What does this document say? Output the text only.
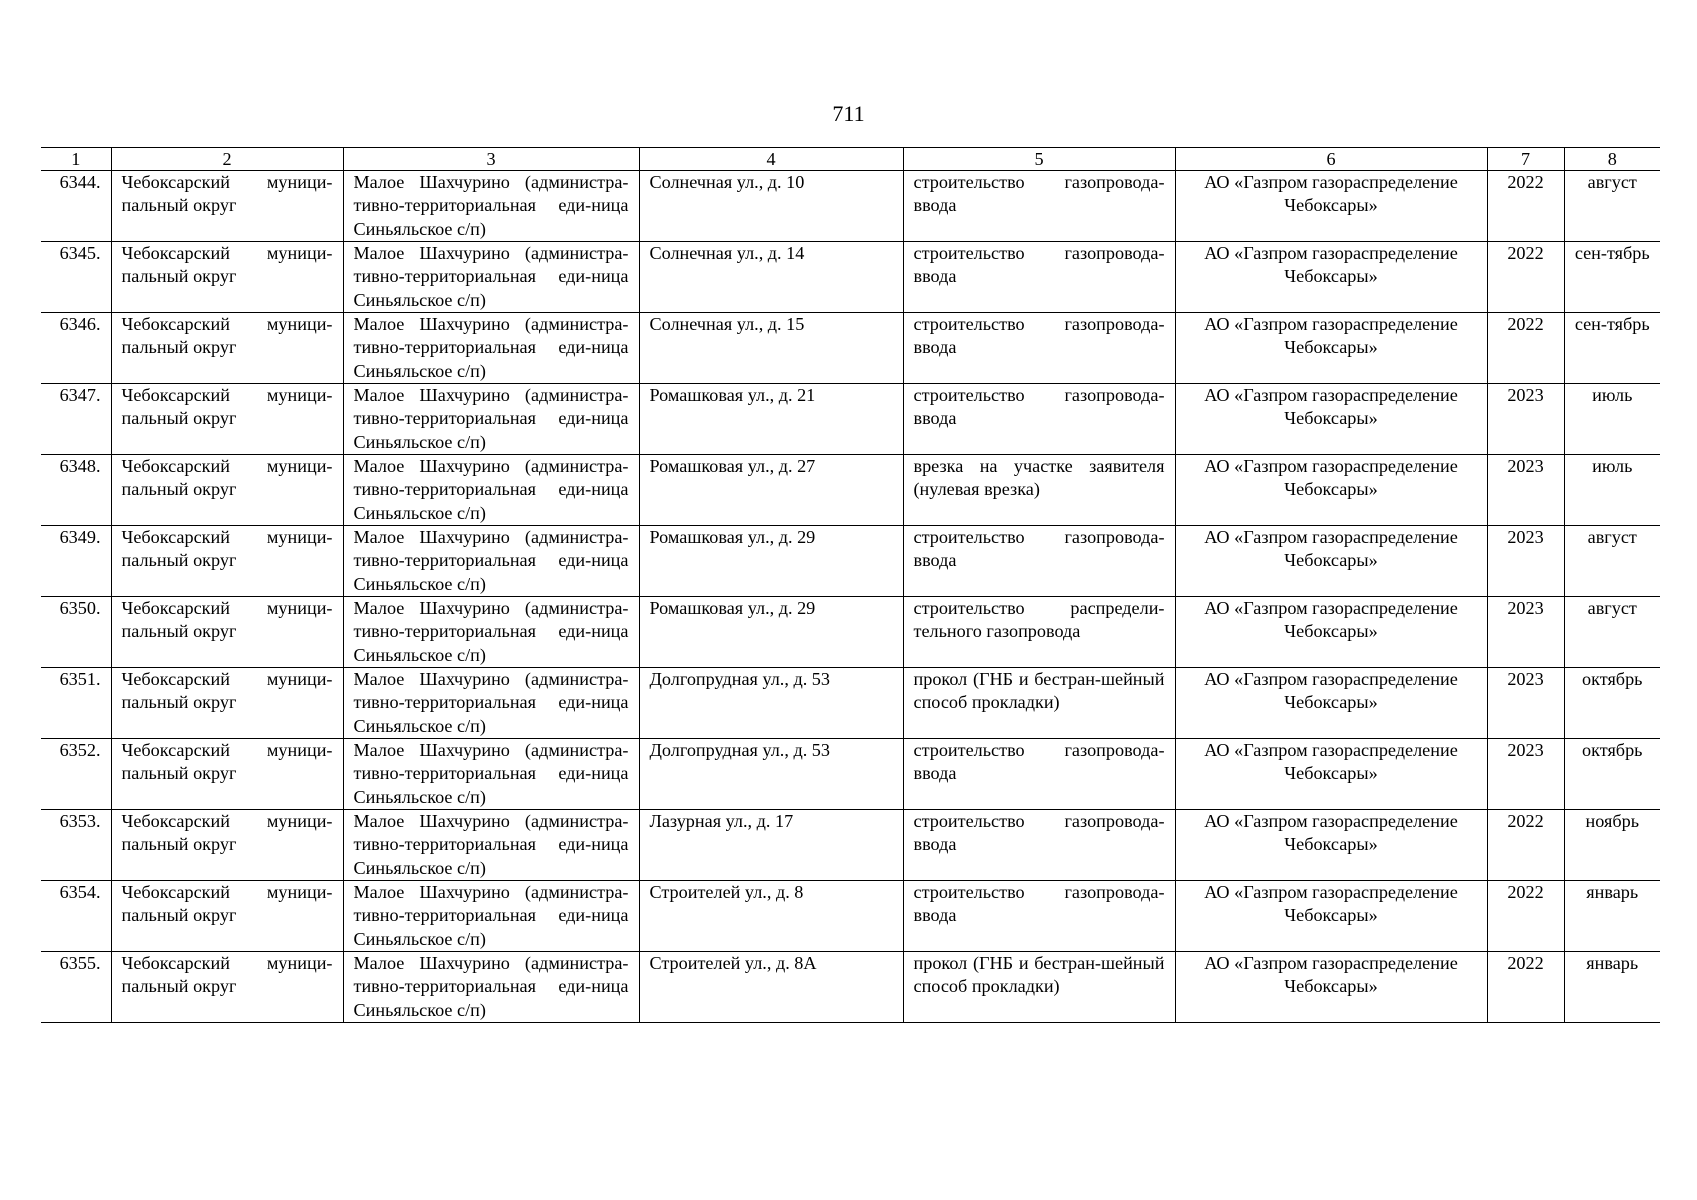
711
1	2	3	4	5	6	7	8
6344.	Чебоксарский муници-пальный округ	Малое Шахчурино (администра-тивно-территориальная еди-ница Синьяльское с/п)	Солнечная ул., д. 10	строительство газопровода-ввода	АО «Газпром газораспределение Чебоксары»	2022	август
6345.	Чебоксарский муници-пальный округ	Малое Шахчурино (администра-тивно-территориальная еди-ница Синьяльское с/п)	Солнечная ул., д. 14	строительство газопровода-ввода	АО «Газпром газораспределение Чебоксары»	2022	сен-тябрь
6346.	Чебоксарский муници-пальный округ	Малое Шахчурино (администра-тивно-территориальная еди-ница Синьяльское с/п)	Солнечная ул., д. 15	строительство газопровода-ввода	АО «Газпром газораспределение Чебоксары»	2022	сен-тябрь
6347.	Чебоксарский муници-пальный округ	Малое Шахчурино (администра-тивно-территориальная еди-ница Синьяльское с/п)	Ромашковая ул., д. 21	строительство газопровода-ввода	АО «Газпром газораспределение Чебоксары»	2023	июль
6348.	Чебоксарский муници-пальный округ	Малое Шахчурино (администра-тивно-территориальная еди-ница Синьяльское с/п)	Ромашковая ул., д. 27	врезка на участке заявителя (нулевая врезка)	АО «Газпром газораспределение Чебоксары»	2023	июль
6349.	Чебоксарский муници-пальный округ	Малое Шахчурино (администра-тивно-территориальная еди-ница Синьяльское с/п)	Ромашковая ул., д. 29	строительство газопровода-ввода	АО «Газпром газораспределение Чебоксары»	2023	август
6350.	Чебоксарский муници-пальный округ	Малое Шахчурино (администра-тивно-территориальная еди-ница Синьяльское с/п)	Ромашковая ул., д. 29	строительство распредели-тельного газопровода	АО «Газпром газораспределение Чебоксары»	2023	август
6351.	Чебоксарский муници-пальный округ	Малое Шахчурино (администра-тивно-территориальная еди-ница Синьяльское с/п)	Долгопрудная ул., д. 53	прокол (ГНБ и бестран-шейный способ прокладки)	АО «Газпром газораспределение Чебоксары»	2023	октябрь
6352.	Чебоксарский муници-пальный округ	Малое Шахчурино (администра-тивно-территориальная еди-ница Синьяльское с/п)	Долгопрудная ул., д. 53	строительство газопровода-ввода	АО «Газпром газораспределение Чебоксары»	2023	октябрь
6353.	Чебоксарский муници-пальный округ	Малое Шахчурино (администра-тивно-территориальная еди-ница Синьяльское с/п)	Лазурная ул., д. 17	строительство газопровода-ввода	АО «Газпром газораспределение Чебоксары»	2022	ноябрь
6354.	Чебоксарский муници-пальный округ	Малое Шахчурино (администра-тивно-территориальная еди-ница Синьяльское с/п)	Строителей ул., д. 8	строительство газопровода-ввода	АО «Газпром газораспределение Чебоксары»	2022	январь
6355.	Чебоксарский муници-пальный округ	Малое Шахчурино (администра-тивно-территориальная еди-ница Синьяльское с/п)	Строителей ул., д. 8А	прокол (ГНБ и бестран-шейный способ прокладки)	АО «Газпром газораспределение Чебоксары»	2022	январь
